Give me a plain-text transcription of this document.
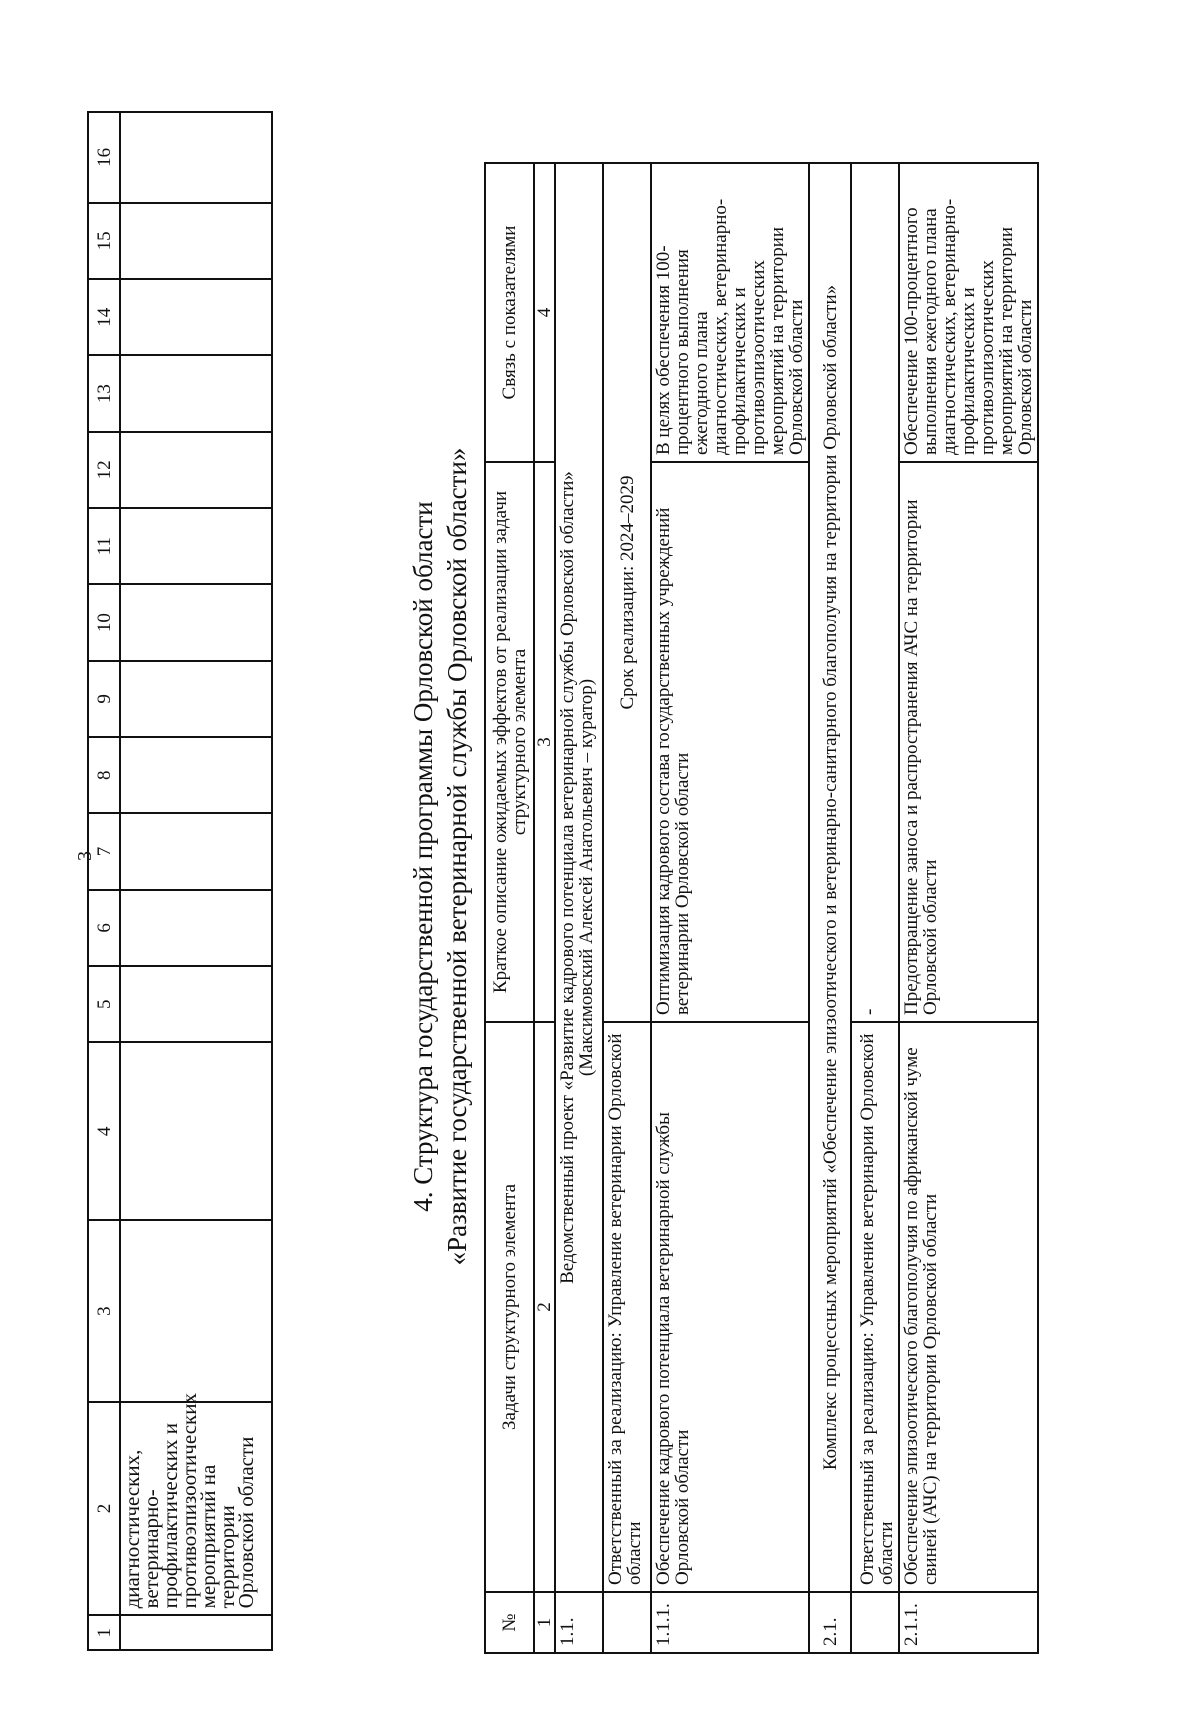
3
1	2	3	4	5	6	7	8	9	10	11	12	13	14	15	16
	диагностических, ветеринарно-профилактических и противоэпизоотических мероприятий на территории Орловской области														
4. Структура государственной программы Орловской области «Развитие государственной ветеринарной службы Орловской области»
№	Задачи структурного элемента	Краткое описание ожидаемых эффектов от реализации задачи структурного элемента	Связь с показателями
1	2	3	4
1.1.	Ведомственный проект «Развитие кадрового потенциала ветеринарной службы Орловской области»
(Максимовский Алексей Анатольевич – куратор)		

	Ответственный за реализацию: Управление ветеринарии Орловской области	Срок реализации: 2024–2029	
1.1.1.	Обеспечение кадрового потенциала ветеринарной службы Орловской области	Оптимизация кадрового состава государственных учреждений ветеринарии Орловской области	В целях обеспечения 100-процентного выполнения ежегодного плана диагностических, ветеринарно-профилактических и противоэпизоотических мероприятий на территории Орловской области
2.1.	Комплекс процессных мероприятий «Обеспечение эпизоотического и ветеринарно-санитарного благополучия на территории Орловской области»		
	Ответственный за реализацию: Управление ветеринарии Орловской области	-	
2.1.1.	Обеспечение эпизоотического благополучия по африканской чуме свиней (АЧС) на территории Орловской области	Предотвращение заноса и распространения АЧС на территории Орловской области	Обеспечение 100-процентного выполнения ежегодного плана диагностических, ветеринарно-профилактических и противоэпизоотических мероприятий на территории Орловской области
